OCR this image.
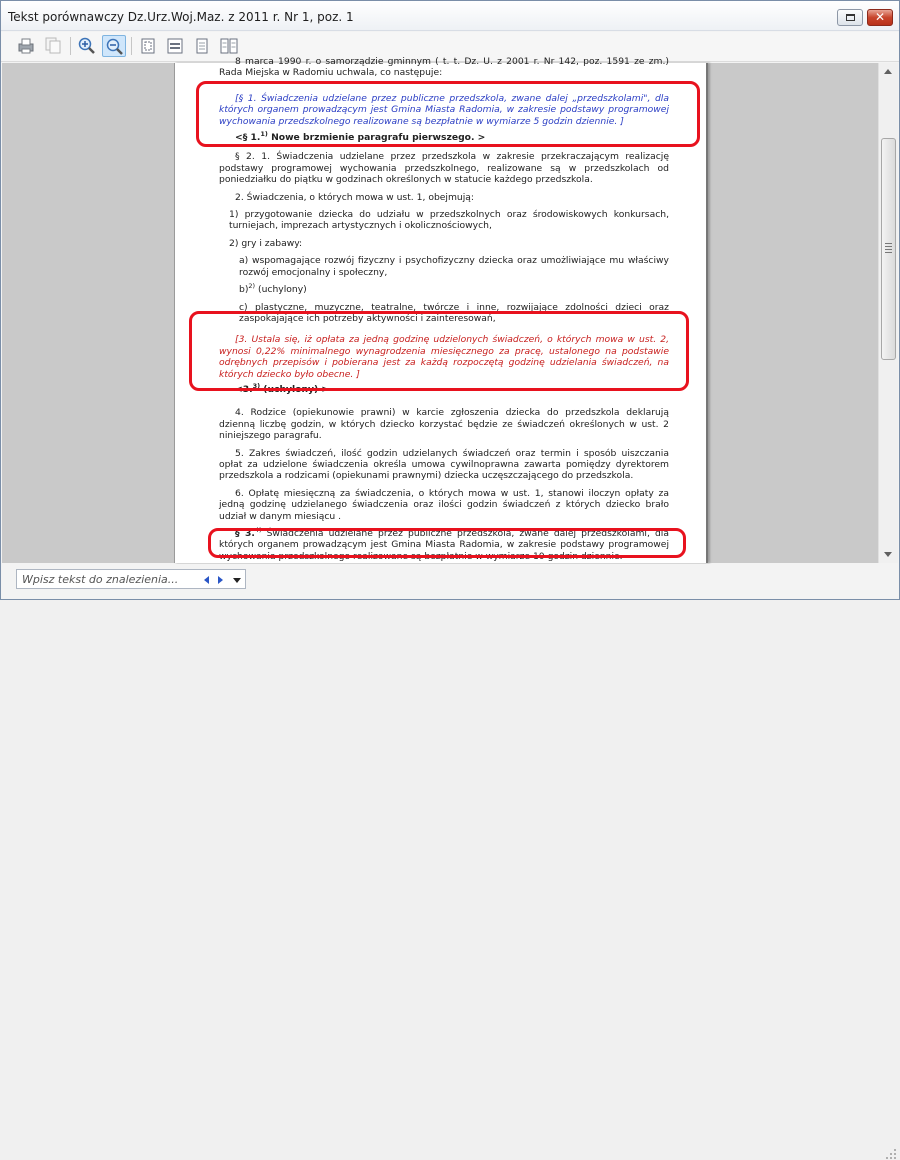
Tekst porównawczy Dz.Urz.Woj.Maz. z 2011 r. Nr 1, poz. 1	✕

8 marca 1990 r. o samorządzie gminnym ( t. t. Dz. U. z 2001 r. Nr 142, poz. 1591 ze zm.) Rada Miejska w Radomiu uchwala, co następuje:

[§ 1. Świadczenia udzielane przez publiczne przedszkola, zwane dalej „przedszkolami", dla których organem prowadzącym jest Gmina Miasta Radomia, w zakresie podstawy programowej wychowania przedszkolnego realizowane są bezpłatnie w wymiarze 5 godzin dziennie. ]

<§ 1.$^{1)}$ Nowe brzmienie paragrafu pierwszego. >

§ 2. 1. Świadczenia udzielane przez przedszkola w zakresie przekraczającym realizację podstawy programowej wychowania przedszkolnego, realizowane są w przedszkolach od poniedziałku do piątku w godzinach określonych w statucie każdego przedszkola.

2. Świadczenia, o których mowa w ust. 1, obejmują:

1) przygotowanie dziecka do udziału w przedszkolnych oraz środowiskowych konkursach, turniejach, imprezach artystycznych i okolicznościowych,

2) gry i zabawy:

a) wspomagające rozwój fizyczny i psychofizyczny dziecka oraz umożliwiające mu właściwy rozwój emocjonalny i społeczny,

b)$^{2)}$ (uchylony)

c) plastyczne, muzyczne, teatralne, twórcze i inne, rozwijające zdolności dzieci oraz zaspokajające ich potrzeby aktywności i zainteresowań,

[3. Ustala się, iż opłata za jedną godzinę udzielonych świadczeń, o których mowa w ust. 2, wynosi 0,22% minimalnego wynagrodzenia miesięcznego za pracę, ustalonego na podstawie odrębnych przepisów i pobierana jest za każdą rozpoczętą godzinę udzielania świadczeń, na których dziecko było obecne. ]

<3.$^{3)}$ (uchylony) >

4. Rodzice (opiekunowie prawni) w karcie zgłoszenia dziecka do przedszkola deklarują dzienną liczbę godzin, w których dziecko korzystać będzie ze świadczeń określonych w ust. 2 niniejszego paragrafu.

5. Zakres świadczeń, ilość godzin udzielanych świadczeń oraz termin i sposób uiszczania opłat za udzielone świadczenia określa umowa cywilnoprawna zawarta pomiędzy dyrektorem przedszkola a rodzicami (opiekunami prawnymi) dziecka uczęszczającego do przedszkola.

6. Opłatę miesięczną za świadczenia, o których mowa w ust. 1, stanowi iloczyn opłaty za jedną godzinę udzielanego świadczenia oraz ilości godzin świadczeń z których dziecko brało udział w danym miesiącu .

§ 3.$^{4)}$ Świadczenia udzielane przez publiczne przedszkola, zwane dalej przedszkolami, dla których organem prowadzącym jest Gmina Miasta Radomia, w zakresie podstawy programowej wychowania przedszkolnego realizowane są bezpłatnie w wymiarze 10 godzin dziennie.

Wpisz tekst do znalezienia...
